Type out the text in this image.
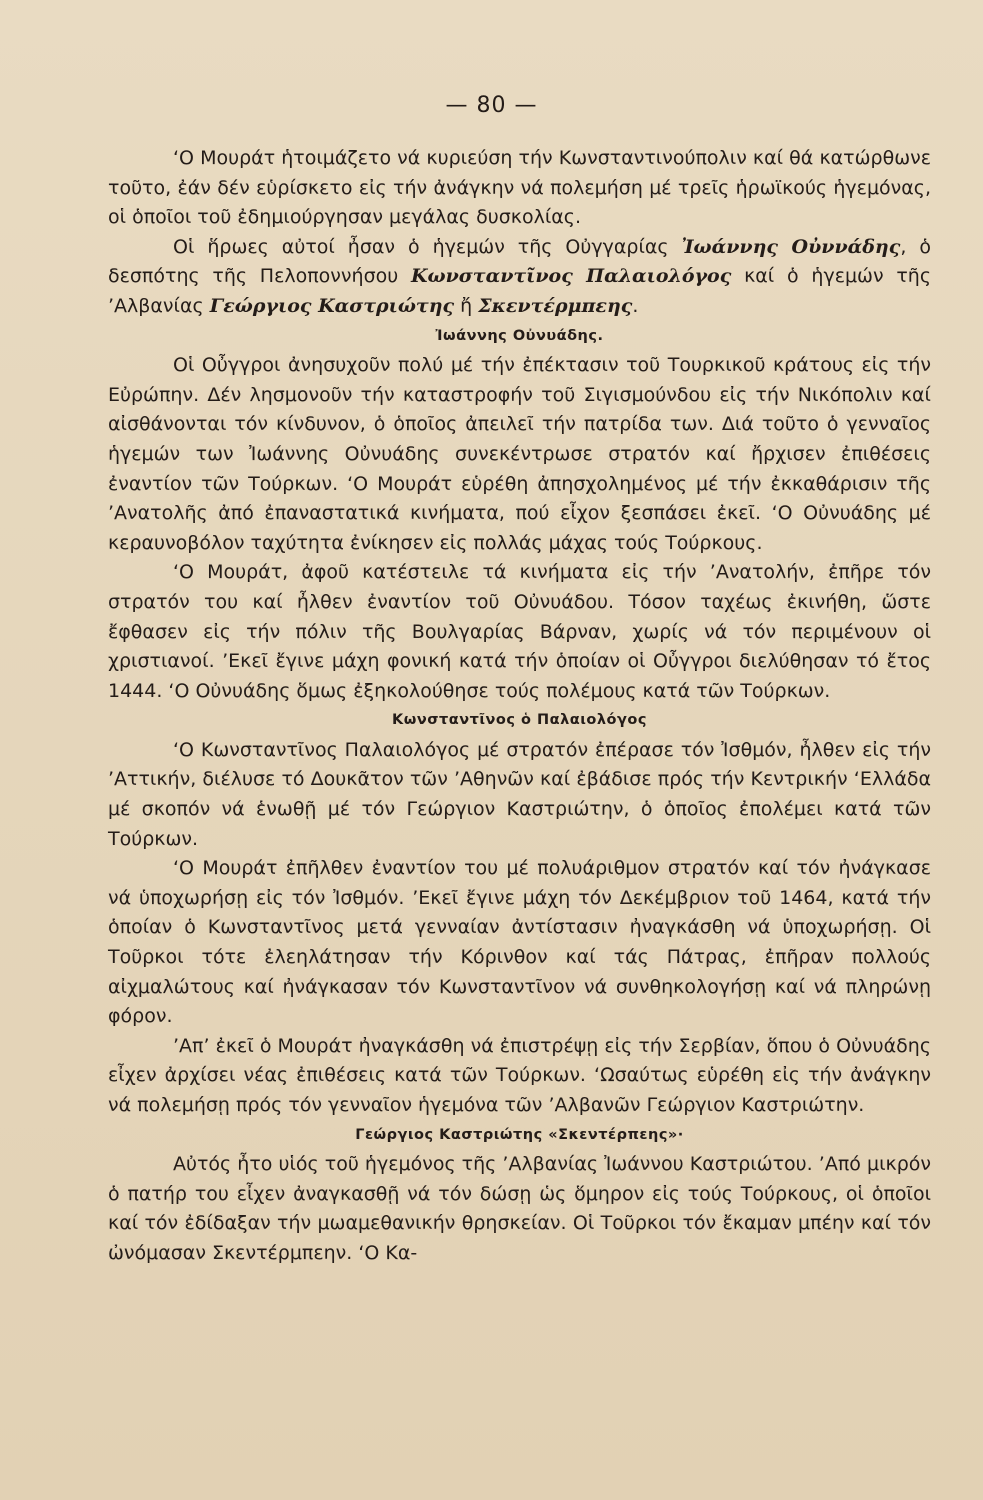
— 80 —

‘Ο Μουράτ ἡτοιμάζετο νά κυριεύση τήν Κωνσταντινούπολιν καί θά κατώρθωνε τοῦτο, ἐάν δέν εὑρίσκετο εἰς τήν ἀνάγκην νά πολεμήση μέ τρεῖς ἡρωϊκούς ἡγεμόνας, οἱ ὁποῖοι τοῦ ἐδημιούργησαν μεγάλας δυσκολίας.

Οἱ ἥρωες αὐτοί ἦσαν ὁ ἡγεμών τῆς Οὐγγαρίας Ἰωάννης Οὐννάδης, ὁ δεσπότης τῆς Πελοποννήσου Κωνσταντῖνος Παλαιολόγος καί ὁ ἡγεμών τῆς ’Αλβανίας Γεώργιος Καστριώτης ἤ Σκεντέρμπεης.

Ἰωάννης Οὐνυάδης.

Οἱ Οὖγγροι ἀνησυχοῦν πολύ μέ τήν ἐπέκτασιν τοῦ Τουρκικοῦ κράτους εἰς τήν Εὐρώπην. Δέν λησμονοῦν τήν καταστροφήν τοῦ Σιγισμούνδου εἰς τήν Νικόπολιν καί αἰσθάνονται τόν κίνδυνον, ὁ ὁποῖος ἀπειλεῖ τήν πατρίδα των. Διά τοῦτο ὁ γενναῖος ἡγεμών των Ἰωάννης Οὐνυάδης συνεκέντρωσε στρατόν καί ἤρχισεν ἐπιθέσεις ἐναντίον τῶν Τούρκων. ‘Ο Μουράτ εὑρέθη ἀπησχολημένος μέ τήν ἐκκαθάρισιν τῆς ’Ανατολῆς ἀπό ἐπαναστατικά κινήματα, πού εἶχον ξεσπάσει ἐκεῖ. ‘Ο Οὐνυάδης μέ κεραυνοβόλον ταχύτητα ἐνίκησεν εἰς πολλάς μάχας τούς Τούρκους.

‘Ο Μουράτ, ἀφοῦ κατέστειλε τά κινήματα εἰς τήν ’Ανατολήν, ἐπῆρε τόν στρατόν του καί ἦλθεν ἐναντίον τοῦ Οὐνυάδου. Τόσον ταχέως ἐκινήθη, ὥστε ἔφθασεν εἰς τήν πόλιν τῆς Βουλγαρίας Βάρναν, χωρίς νά τόν περιμένουν οἱ χριστιανοί. ’Εκεῖ ἔγινε μάχη φονική κατά τήν ὁποίαν οἱ Οὖγγροι διελύθησαν τό ἔτος 1444. ‘Ο Οὐνυάδης ὅμως ἐξηκολούθησε τούς πολέμους κατά τῶν Τούρκων.

Κωνσταντῖνος ὁ Παλαιολόγος

‘Ο Κωνσταντῖνος Παλαιολόγος μέ στρατόν ἐπέρασε τόν Ἰσθμόν, ἦλθεν εἰς τήν ’Αττικήν, διέλυσε τό Δουκᾶτον τῶν ’Αθηνῶν καί ἐβάδισε πρός τήν Κεντρικήν ‘Ελλάδα μέ σκοπόν νά ἑνωθῇ μέ τόν Γεώργιον Καστριώτην, ὁ ὁποῖος ἐπολέμει κατά τῶν Τούρκων.

‘Ο Μουράτ ἐπῆλθεν ἐναντίον του μέ πολυάριθμον στρατόν καί τόν ἠνάγκασε νά ὑποχωρήσῃ εἰς τόν Ἰσθμόν. ’Εκεῖ ἔγινε μάχη τόν Δεκέμβριον τοῦ 1464, κατά τήν ὁποίαν ὁ Κωνσταντῖνος μετά γενναίαν ἀντίστασιν ἠναγκάσθη νά ὑποχωρήσῃ. Οἱ Τοῦρκοι τότε ἐλεηλάτησαν τήν Κόρινθον καί τάς Πάτρας, ἐπῆραν πολλούς αἰχμαλώτους καί ἠνάγκασαν τόν Κωνσταντῖνον νά συνθηκολογήσῃ καί νά πληρώνῃ φόρον.

’Απ’ ἐκεῖ ὁ Μουράτ ἠναγκάσθη νά ἐπιστρέψῃ εἰς τήν Σερβίαν, ὅπου ὁ Οὐνυάδης εἶχεν ἀρχίσει νέας ἐπιθέσεις κατά τῶν Τούρκων. ‘Ωσαύτως εὑρέθη εἰς τήν ἀνάγκην νά πολεμήσῃ πρός τόν γενναῖον ἡγεμόνα τῶν ’Αλβανῶν Γεώργιον Καστριώτην.

Γεώργιος Καστριώτης «Σκεντέρπεης»·

Αὐτός ἦτο υἱός τοῦ ἡγεμόνος τῆς ’Αλβανίας Ἰωάννου Καστριώτου. ’Από μικρόν ὁ πατήρ του εἶχεν ἀναγκασθῇ νά τόν δώσῃ ὡς ὅμηρον εἰς τούς Τούρκους, οἱ ὁποῖοι καί τόν ἐδίδαξαν τήν μωαμεθανικήν θρησκείαν. Οἱ Τοῦρκοι τόν ἔκαμαν μπέην καί τόν ὠνόμασαν Σκεντέρμπεην. ‘Ο Κα-
